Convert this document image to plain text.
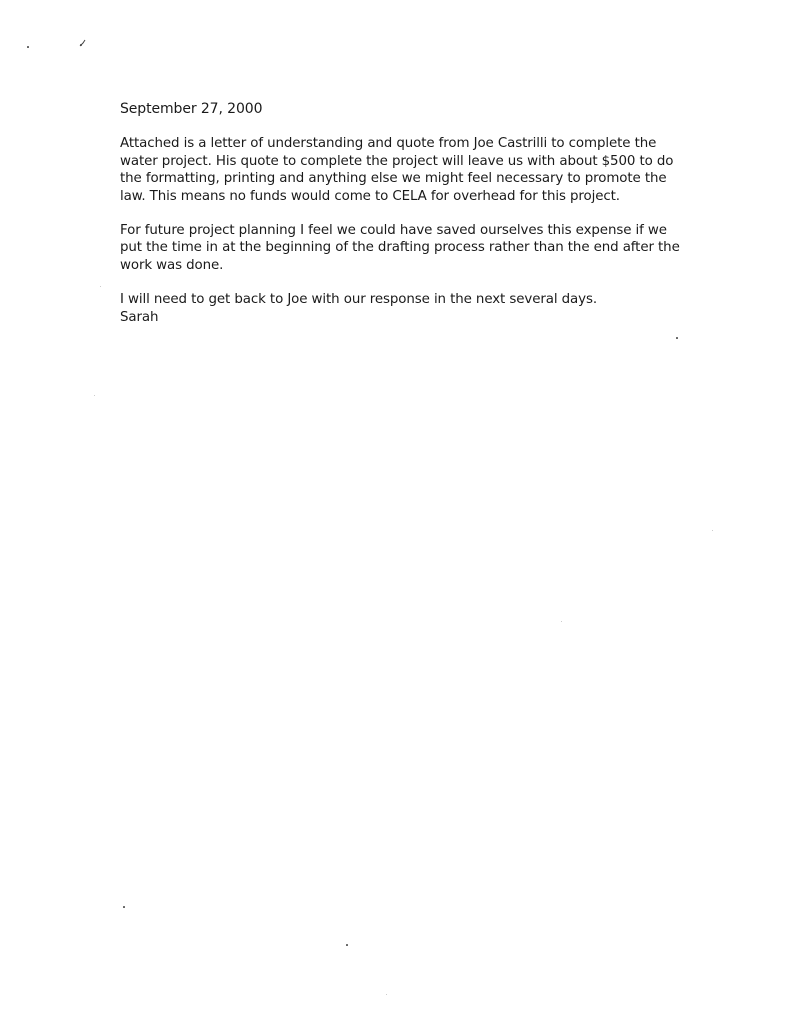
September 27, 2000

Attached is a letter of understanding and quote from Joe Castrilli to complete the
water project. His quote to complete the project will leave us with about $500 to do
the formatting, printing and anything else we might feel necessary to promote the
law. This means no funds would come to CELA for overhead for this project.

For future project planning I feel we could have saved ourselves this expense if we
put the time in at the beginning of the drafting process rather than the end after the
work was done.

I will need to get back to Joe with our response in the next several days.
Sarah
